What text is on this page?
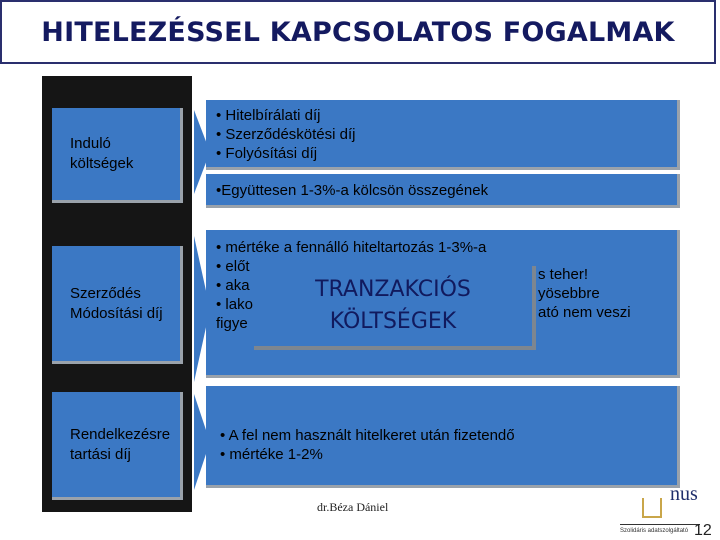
HITELEZÉSSEL KAPCSOLATOS FOGALMAK
Induló
költségek
• Hitelbírálati díj
• Szerződéskötési díj
• Folyósítási díj
•Együttesen 1-3%-a kölcsön összegének
Szerződés
Módosítási díj
• mértéke a fennálló hiteltartozás 1-3%-a
• előt
• aka
• lako
figye
s teher!
yösebbre
ató nem veszi
Rendelkezésre
tartási díj
• A fel nem használt hitelkeret után fizetendő
• mértéke 1-2%
TRANZAKCIÓS
KÖLTSÉGEK
dr.Béza Dániel
nus
Szolidáris adatszolgáltató 12
